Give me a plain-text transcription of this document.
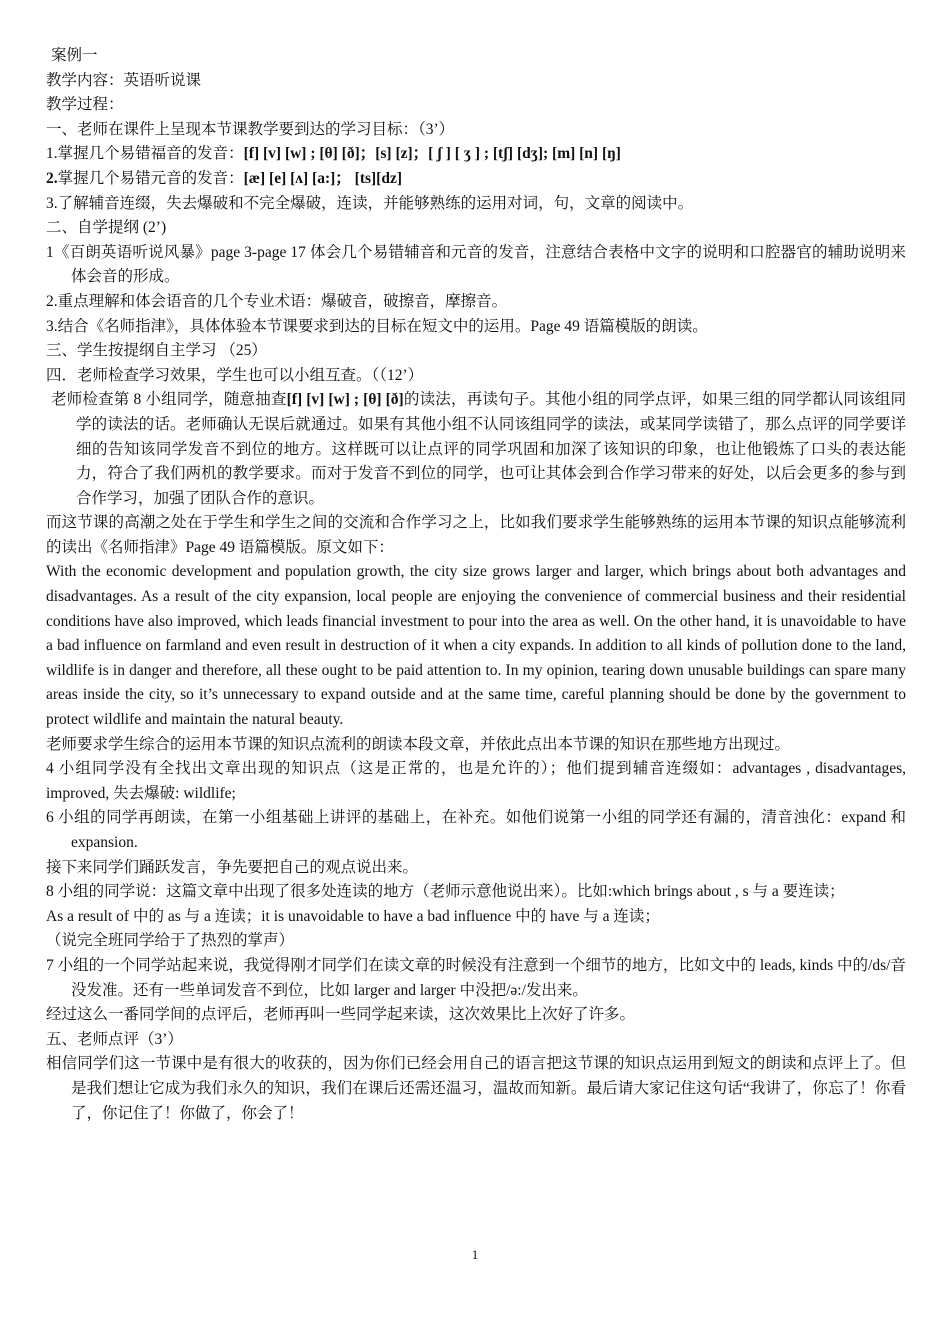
案例一

教学内容：英语听说课

教学过程：

一、老师在课件上呈现本节课教学要到达的学习目标：（3’）

1.掌握几个易错福音的发音：[f] [v] [w] ; [θ] [ð]；[s] [z]；[ ʃ ] [ ʒ ] ; [tʃ] [dʒ]; [m] [n] [ŋ]

2.掌握几个易错元音的发音：[æ] [e] [ʌ] [a:]； [ts][dz]

3.了解辅音连缀，失去爆破和不完全爆破，连读，并能够熟练的运用对词，句，文章的阅读中。

二、自学提纲 (2’)

1《百朗英语听说风暴》page 3-page 17 体会几个易错辅音和元音的发音，注意结合表格中文字的说明和口腔器官的辅助说明来体会音的形成。

2.重点理解和体会语音的几个专业术语：爆破音，破擦音，摩擦音。

3.结合《名师指津》，具体体验本节课要求到达的目标在短文中的运用。Page 49 语篇模版的朗读。

三、学生按提纲自主学习 （25）

四．老师检查学习效果，学生也可以小组互查。（（12’）

老师检查第 8 小组同学，随意抽查[f] [v] [w] ; [θ] [ð]的读法，再读句子。其他小组的同学点评，如果三组的同学都认同该组同学的读法的话。老师确认无误后就通过。如果有其他小组不认同该组同学的读法，或某同学读错了，那么点评的同学要详细的告知该同学发音不到位的地方。这样既可以让点评的同学巩固和加深了该知识的印象，也让他锻炼了口头的表达能力，符合了我们两机的教学要求。而对于发音不到位的同学，也可让其体会到合作学习带来的好处，以后会更多的参与到合作学习，加强了团队合作的意识。

而这节课的高潮之处在于学生和学生之间的交流和合作学习之上，比如我们要求学生能够熟练的运用本节课的知识点能够流利的读出《名师指津》Page 49 语篇模版。原文如下：

With the economic development and population growth, the city size grows larger and larger, which brings about both advantages and disadvantages. As a result of the city expansion, local people are enjoying the convenience of commercial business and their residential conditions have also improved, which leads financial investment to pour into the area as well. On the other hand, it is unavoidable to have a bad influence on farmland and even result in destruction of it when a city expands. In addition to all kinds of pollution done to the land, wildlife is in danger and therefore, all these ought to be paid attention to. In my opinion, tearing down unusable buildings can spare many areas inside the city, so it’s unnecessary to expand outside and at the same time, careful planning should be done by the government to protect wildlife and maintain the natural beauty.

老师要求学生综合的运用本节课的知识点流利的朗读本段文章，并依此点出本节课的知识在那些地方出现过。

4 小组同学没有全找出文章出现的知识点（这是正常的，也是允许的）；他们提到辅音连缀如：advantages , disadvantages, improved, 失去爆破: wildlife;

6 小组的同学再朗读，在第一小组基础上讲评的基础上，在补充。如他们说第一小组的同学还有漏的，清音浊化：expand 和 expansion.

接下来同学们踊跃发言，争先要把自己的观点说出来。

8 小组的同学说：这篇文章中出现了很多处连读的地方（老师示意他说出来）。比如:which brings about , s 与 a 要连读；

As a result of 中的 as 与 a 连读；it is unavoidable to have a bad influence 中的 have 与 a 连读；

（说完全班同学给于了热烈的掌声）

7 小组的一个同学站起来说，我觉得刚才同学们在读文章的时候没有注意到一个细节的地方，比如文中的 leads, kinds 中的/ds/音没发准。还有一些单词发音不到位，比如 larger and larger 中没把/ə:/发出来。

经过这么一番同学间的点评后，老师再叫一些同学起来读，这次效果比上次好了许多。

五、老师点评（3’）

相信同学们这一节课中是有很大的收获的，因为你们已经会用自己的语言把这节课的知识点运用到短文的朗读和点评上了。但是我们想让它成为我们永久的知识，我们在课后还需还温习，温故而知新。最后请大家记住这句话“我讲了，你忘了！你看了，你记住了！你做了，你会了！

1
